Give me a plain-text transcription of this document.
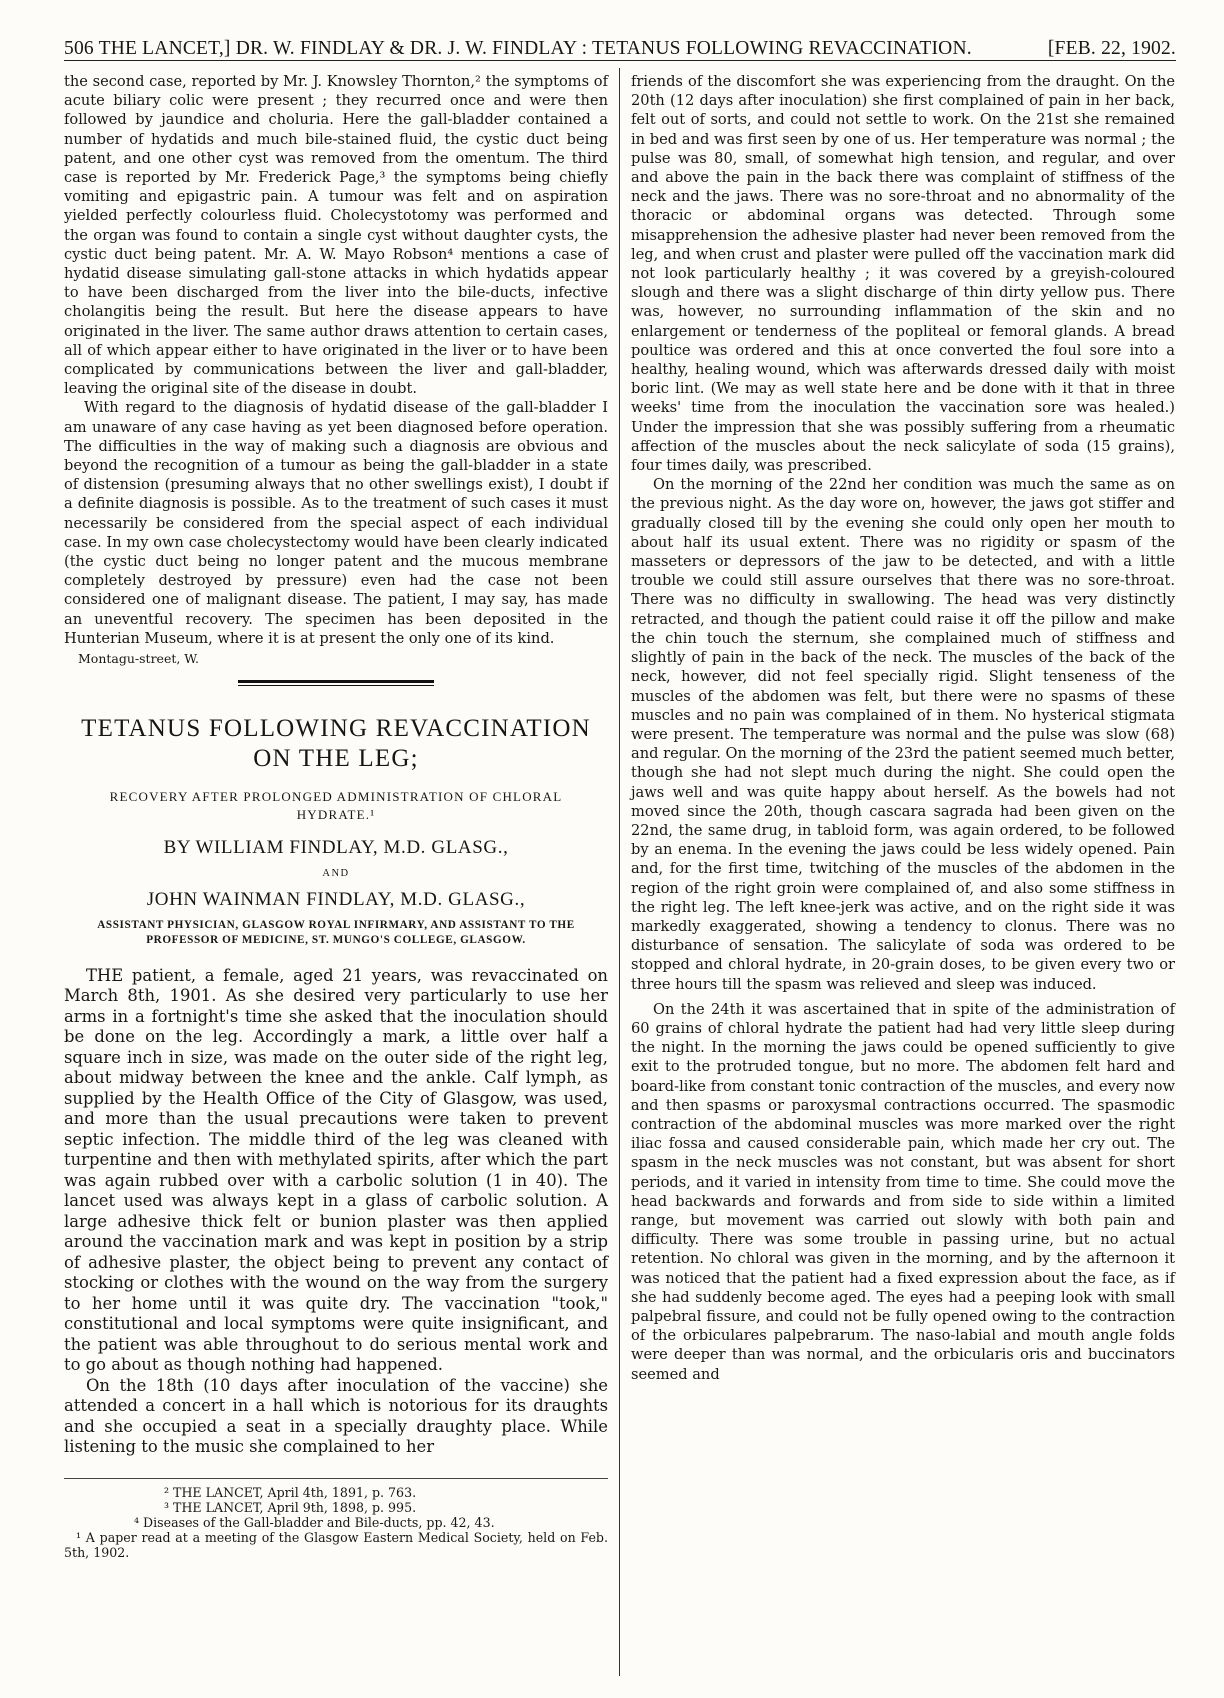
506 THE LANCET,] DR. W. FINDLAY & DR. J. W. FINDLAY : TETANUS FOLLOWING REVACCINATION.	[FEB. 22, 1902.

the second case, reported by Mr. J. Knowsley Thornton,² the symptoms of acute biliary colic were present ; they recurred once and were then followed by jaundice and choluria. Here the gall-bladder contained a number of hydatids and much bile-stained fluid, the cystic duct being patent, and one other cyst was removed from the omentum. The third case is reported by Mr. Frederick Page,³ the symptoms being chiefly vomiting and epigastric pain. A tumour was felt and on aspiration yielded perfectly colourless fluid. Cholecystotomy was performed and the organ was found to contain a single cyst without daughter cysts, the cystic duct being patent. Mr. A. W. Mayo Robson⁴ mentions a case of hydatid disease simulating gall-stone attacks in which hydatids appear to have been discharged from the liver into the bile-ducts, infective cholangitis being the result. But here the disease appears to have originated in the liver. The same author draws attention to certain cases, all of which appear either to have originated in the liver or to have been complicated by communications between the liver and gall-bladder, leaving the original site of the disease in doubt.

With regard to the diagnosis of hydatid disease of the gall-bladder I am unaware of any case having as yet been diagnosed before operation. The difficulties in the way of making such a diagnosis are obvious and beyond the recognition of a tumour as being the gall-bladder in a state of distension (presuming always that no other swellings exist), I doubt if a definite diagnosis is possible. As to the treatment of such cases it must necessarily be considered from the special aspect of each individual case. In my own case cholecystectomy would have been clearly indicated (the cystic duct being no longer patent and the mucous membrane completely destroyed by pressure) even had the case not been considered one of malignant disease. The patient, I may say, has made an uneventful recovery. The specimen has been deposited in the Hunterian Museum, where it is at present the only one of its kind.

Montagu-street, W.

TETANUS FOLLOWING REVACCINATION ON THE LEG;
RECOVERY AFTER PROLONGED ADMINISTRATION OF CHLORAL HYDRATE.¹
BY WILLIAM FINDLAY, M.D. GLASG.,
AND
JOHN WAINMAN FINDLAY, M.D. GLASG.,
ASSISTANT PHYSICIAN, GLASGOW ROYAL INFIRMARY, AND ASSISTANT TO THE PROFESSOR OF MEDICINE, ST. MUNGO'S COLLEGE, GLASGOW.

THE patient, a female, aged 21 years, was revaccinated on March 8th, 1901. As she desired very particularly to use her arms in a fortnight's time she asked that the inoculation should be done on the leg. Accordingly a mark, a little over half a square inch in size, was made on the outer side of the right leg, about midway between the knee and the ankle. Calf lymph, as supplied by the Health Office of the City of Glasgow, was used, and more than the usual precautions were taken to prevent septic infection. The middle third of the leg was cleaned with turpentine and then with methylated spirits, after which the part was again rubbed over with a carbolic solution (1 in 40). The lancet used was always kept in a glass of carbolic solution. A large adhesive thick felt or bunion plaster was then applied around the vaccination mark and was kept in position by a strip of adhesive plaster, the object being to prevent any contact of stocking or clothes with the wound on the way from the surgery to her home until it was quite dry. The vaccination "took," constitutional and local symptoms were quite insignificant, and the patient was able throughout to do serious mental work and to go about as though nothing had happened.

On the 18th (10 days after inoculation of the vaccine) she attended a concert in a hall which is notorious for its draughts and she occupied a seat in a specially draughty place. While listening to the music she complained to her

² THE LANCET, April 4th, 1891, p. 763.
³ THE LANCET, April 9th, 1898, p. 995.
⁴ Diseases of the Gall-bladder and Bile-ducts, pp. 42, 43.
¹ A paper read at a meeting of the Glasgow Eastern Medical Society, held on Feb. 5th, 1902.

friends of the discomfort she was experiencing from the draught. On the 20th (12 days after inoculation) she first complained of pain in her back, felt out of sorts, and could not settle to work. On the 21st she remained in bed and was first seen by one of us. Her temperature was normal ; the pulse was 80, small, of somewhat high tension, and regular, and over and above the pain in the back there was complaint of stiffness of the neck and the jaws. There was no sore-throat and no abnormality of the thoracic or abdominal organs was detected. Through some misapprehension the adhesive plaster had never been removed from the leg, and when crust and plaster were pulled off the vaccination mark did not look particularly healthy ; it was covered by a greyish-coloured slough and there was a slight discharge of thin dirty yellow pus. There was, however, no surrounding inflammation of the skin and no enlargement or tenderness of the popliteal or femoral glands. A bread poultice was ordered and this at once converted the foul sore into a healthy, healing wound, which was afterwards dressed daily with moist boric lint. (We may as well state here and be done with it that in three weeks' time from the inoculation the vaccination sore was healed.) Under the impression that she was possibly suffering from a rheumatic affection of the muscles about the neck salicylate of soda (15 grains), four times daily, was prescribed.

On the morning of the 22nd her condition was much the same as on the previous night. As the day wore on, however, the jaws got stiffer and gradually closed till by the evening she could only open her mouth to about half its usual extent. There was no rigidity or spasm of the masseters or depressors of the jaw to be detected, and with a little trouble we could still assure ourselves that there was no sore-throat. There was no difficulty in swallowing. The head was very distinctly retracted, and though the patient could raise it off the pillow and make the chin touch the sternum, she complained much of stiffness and slightly of pain in the back of the neck. The muscles of the back of the neck, however, did not feel specially rigid. Slight tenseness of the muscles of the abdomen was felt, but there were no spasms of these muscles and no pain was complained of in them. No hysterical stigmata were present. The temperature was normal and the pulse was slow (68) and regular. On the morning of the 23rd the patient seemed much better, though she had not slept much during the night. She could open the jaws well and was quite happy about herself. As the bowels had not moved since the 20th, though cascara sagrada had been given on the 22nd, the same drug, in tabloid form, was again ordered, to be followed by an enema. In the evening the jaws could be less widely opened. Pain and, for the first time, twitching of the muscles of the abdomen in the region of the right groin were complained of, and also some stiffness in the right leg. The left knee-jerk was active, and on the right side it was markedly exaggerated, showing a tendency to clonus. There was no disturbance of sensation. The salicylate of soda was ordered to be stopped and chloral hydrate, in 20-grain doses, to be given every two or three hours till the spasm was relieved and sleep was induced.

On the 24th it was ascertained that in spite of the administration of 60 grains of chloral hydrate the patient had had very little sleep during the night. In the morning the jaws could be opened sufficiently to give exit to the protruded tongue, but no more. The abdomen felt hard and board-like from constant tonic contraction of the muscles, and every now and then spasms or paroxysmal contractions occurred. The spasmodic contraction of the abdominal muscles was more marked over the right iliac fossa and caused considerable pain, which made her cry out. The spasm in the neck muscles was not constant, but was absent for short periods, and it varied in intensity from time to time. She could move the head backwards and forwards and from side to side within a limited range, but movement was carried out slowly with both pain and difficulty. There was some trouble in passing urine, but no actual retention. No chloral was given in the morning, and by the afternoon it was noticed that the patient had a fixed expression about the face, as if she had suddenly become aged. The eyes had a peeping look with small palpebral fissure, and could not be fully opened owing to the contraction of the orbiculares palpebrarum. The naso-labial and mouth angle folds were deeper than was normal, and the orbicularis oris and buccinators seemed and
